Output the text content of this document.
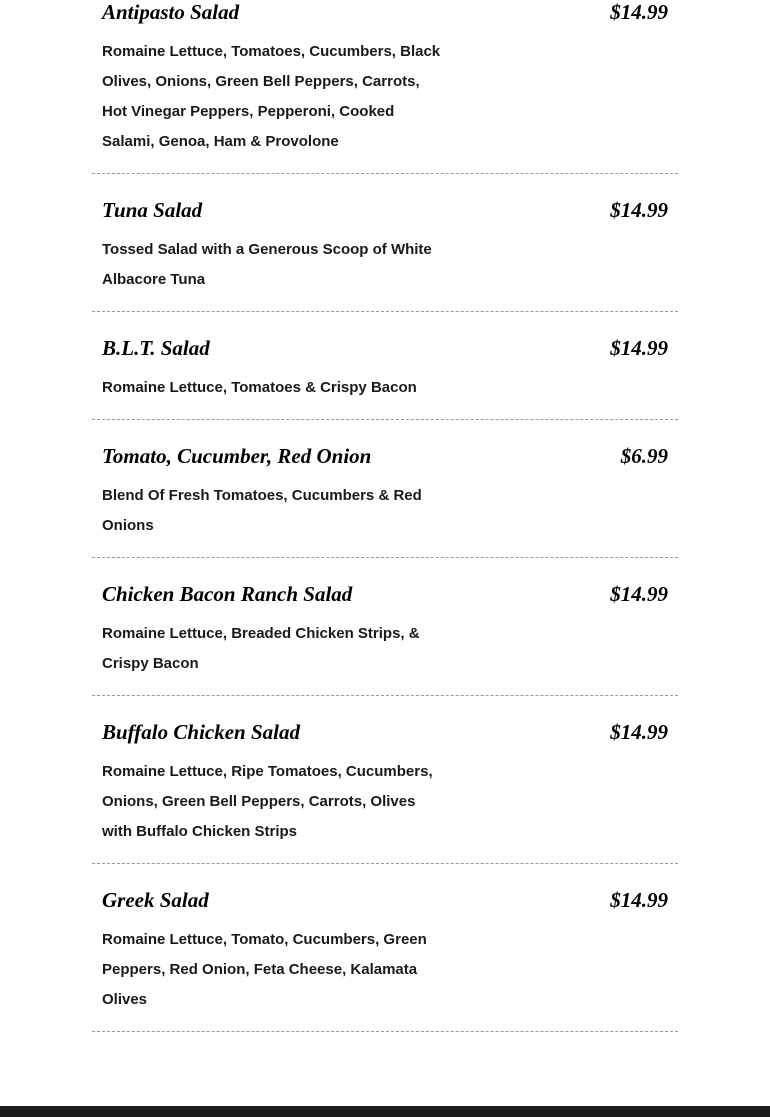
Antipasto Salad	$14.99
Romaine Lettuce, Tomatoes, Cucumbers, Black Olives, Onions, Green Bell Peppers, Carrots, Hot Vinegar Peppers, Pepperoni, Cooked Salami, Genoa, Ham & Provolone
Tuna Salad	$14.99
Tossed Salad with a Generous Scoop of White Albacore Tuna
B.L.T. Salad	$14.99
Romaine Lettuce, Tomatoes & Crispy Bacon
Tomato, Cucumber, Red Onion	$6.99
Blend Of Fresh Tomatoes, Cucumbers & Red Onions
Chicken Bacon Ranch Salad	$14.99
Romaine Lettuce, Breaded Chicken Strips, & Crispy Bacon
Buffalo Chicken Salad	$14.99
Romaine Lettuce, Ripe Tomatoes, Cucumbers, Onions, Green Bell Peppers, Carrots, Olives with Buffalo Chicken Strips
Greek Salad	$14.99
Romaine Lettuce, Tomato, Cucumbers, Green Peppers, Red Onion, Feta Cheese, Kalamata Olives
